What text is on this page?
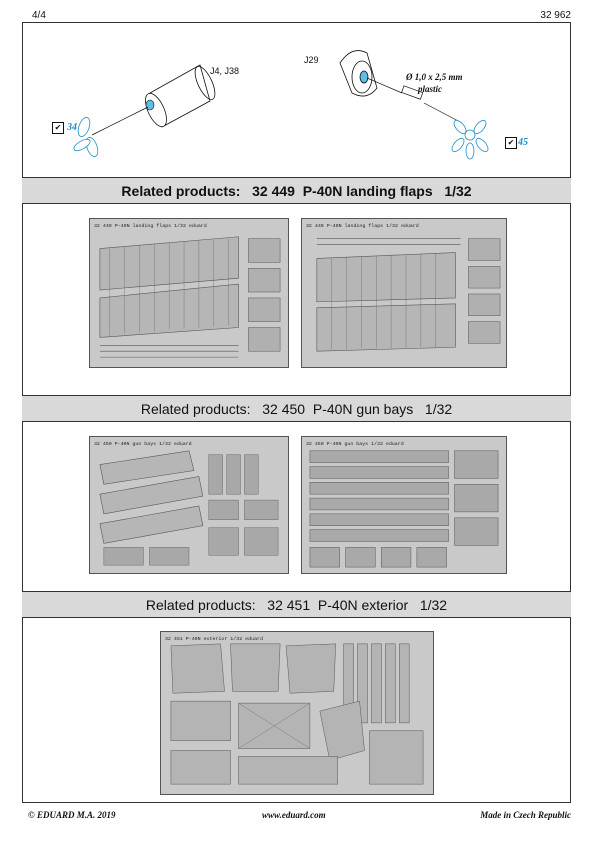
4/4	32 962
J4, J38
J29
Ø 1,0 x 2,5 mm
plastic
✔ 34
✔ 45
Related products:
32 449
P-40N landing flaps
1/32
32 449 P-40N landing flaps 1/32 eduard	32 449 P-40N landing flaps 1/32 eduard
Related products:
32 450
P-40N gun bays
1/32
32 450 P-40N gun bays 1/32 eduard	32 450 P-40N gun bays 1/32 eduard
Related products:
32 451
P-40N exterior
1/32
32 451 P-40N exterior 1/32 eduard
© EDUARD M.A. 2019	www.eduard.com	Made in Czech Republic
